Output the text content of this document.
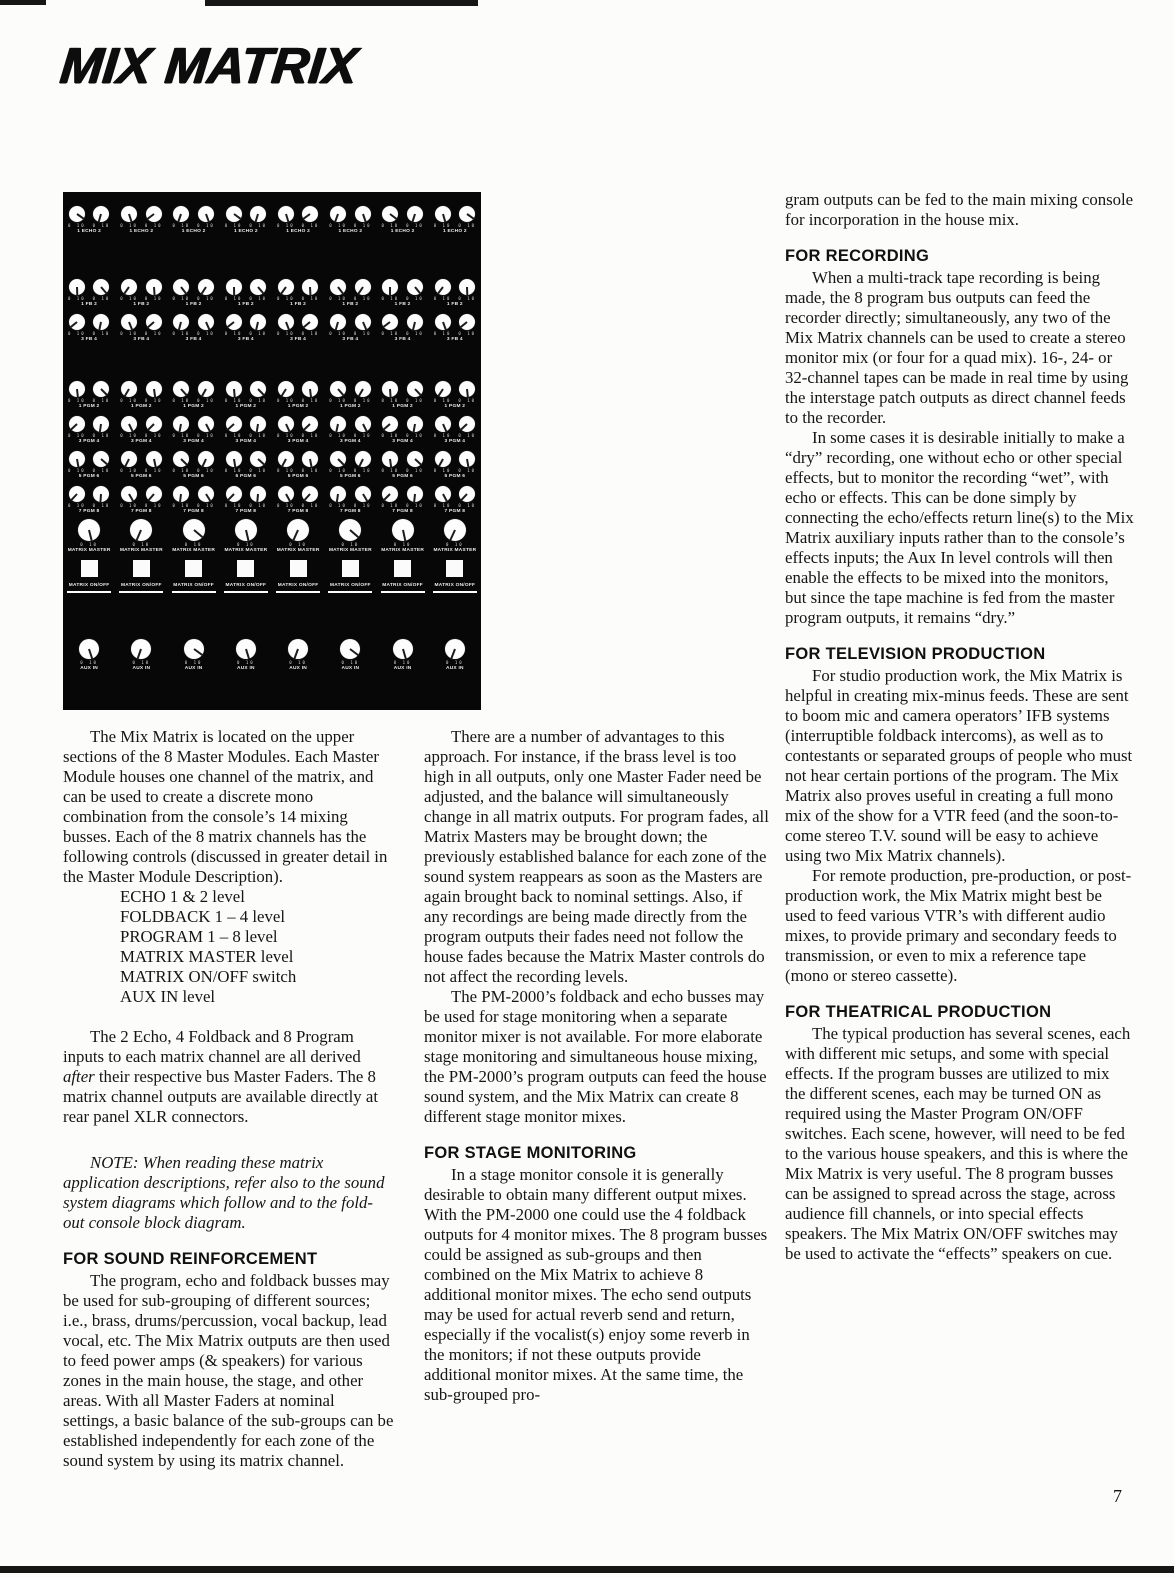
MIX MATRIX
0 10 0 10
1 ECHO 2
0 10 0 10
1 FB 2
0 10 0 10
3 FB 4
0 10 0 10
1 PGM 2
0 10 0 10
3 PGM 4
0 10 0 10
5 PGM 6
0 10 0 10
7 PGM 8
0 10
MATRIX MASTER
MATRIX ON/OFF
0 10
AUX IN
0 10 0 10
1 ECHO 2
0 10 0 10
1 FB 2
0 10 0 10
3 FB 4
0 10 0 10
1 PGM 2
0 10 0 10
3 PGM 4
0 10 0 10
5 PGM 6
0 10 0 10
7 PGM 8
0 10
MATRIX MASTER
MATRIX ON/OFF
0 10
AUX IN
0 10 0 10
1 ECHO 2
0 10 0 10
1 FB 2
0 10 0 10
3 FB 4
0 10 0 10
1 PGM 2
0 10 0 10
3 PGM 4
0 10 0 10
5 PGM 6
0 10 0 10
7 PGM 8
0 10
MATRIX MASTER
MATRIX ON/OFF
0 10
AUX IN
0 10 0 10
1 ECHO 2
0 10 0 10
1 FB 2
0 10 0 10
3 FB 4
0 10 0 10
1 PGM 2
0 10 0 10
3 PGM 4
0 10 0 10
5 PGM 6
0 10 0 10
7 PGM 8
0 10
MATRIX MASTER
MATRIX ON/OFF
0 10
AUX IN
0 10 0 10
1 ECHO 2
0 10 0 10
1 FB 2
0 10 0 10
3 FB 4
0 10 0 10
1 PGM 2
0 10 0 10
3 PGM 4
0 10 0 10
5 PGM 6
0 10 0 10
7 PGM 8
0 10
MATRIX MASTER
MATRIX ON/OFF
0 10
AUX IN
0 10 0 10
1 ECHO 2
0 10 0 10
1 FB 2
0 10 0 10
3 FB 4
0 10 0 10
1 PGM 2
0 10 0 10
3 PGM 4
0 10 0 10
5 PGM 6
0 10 0 10
7 PGM 8
0 10
MATRIX MASTER
MATRIX ON/OFF
0 10
AUX IN
0 10 0 10
1 ECHO 2
0 10 0 10
1 FB 2
0 10 0 10
3 FB 4
0 10 0 10
1 PGM 2
0 10 0 10
3 PGM 4
0 10 0 10
5 PGM 6
0 10 0 10
7 PGM 8
0 10
MATRIX MASTER
MATRIX ON/OFF
0 10
AUX IN
0 10 0 10
1 ECHO 2
0 10 0 10
1 FB 2
0 10 0 10
3 FB 4
0 10 0 10
1 PGM 2
0 10 0 10
3 PGM 4
0 10 0 10
5 PGM 6
0 10 0 10
7 PGM 8
0 10
MATRIX MASTER
MATRIX ON/OFF
0 10
AUX IN

The Mix Matrix is located on the upper sections of the 8 Master Modules. Each Master Module houses one channel of the matrix, and can be used to create a discrete mono combination from the console’s 14 mixing busses. Each of the 8 matrix channels has the following controls (discussed in greater detail in the Master Module Description).

ECHO 1 & 2 level
FOLDBACK 1 – 4 level
PROGRAM 1 – 8 level
MATRIX MASTER level
MATRIX ON/OFF switch
AUX IN level

The 2 Echo, 4 Foldback and 8 Program inputs to each matrix channel are all derived after their respective bus Master Faders. The 8 matrix channel outputs are available directly at rear panel XLR connectors.

NOTE: When reading these matrix application descriptions, refer also to the sound system diagrams which follow and to the fold-out console block diagram.

FOR SOUND REINFORCEMENT

The program, echo and foldback busses may be used for sub-grouping of different sources; i.e., brass, drums/percussion, vocal backup, lead vocal, etc. The Mix Matrix outputs are then used to feed power amps (& speakers) for various zones in the main house, the stage, and other areas. With all Master Faders at nominal settings, a basic balance of the sub-groups can be established independently for each zone of the sound system by using its matrix channel.

There are a number of advantages to this approach. For instance, if the brass level is too high in all outputs, only one Master Fader need be adjusted, and the balance will simultaneously change in all matrix outputs. For program fades, all Matrix Masters may be brought down; the previously established balance for each zone of the sound system reappears as soon as the Masters are again brought back to nominal settings. Also, if any recordings are being made directly from the program outputs their fades need not follow the house fades because the Matrix Master controls do not affect the recording levels.

The PM-2000’s foldback and echo busses may be used for stage monitoring when a separate monitor mixer is not available. For more elaborate stage monitoring and simultaneous house mixing, the PM-2000’s program outputs can feed the house sound system, and the Mix Matrix can create 8 different stage monitor mixes.

FOR STAGE MONITORING

In a stage monitor console it is generally desirable to obtain many different output mixes. With the PM-2000 one could use the 4 foldback outputs for 4 monitor mixes. The 8 program busses could be assigned as sub-groups and then combined on the Mix Matrix to achieve 8 additional monitor mixes. The echo send outputs may be used for actual reverb send and return, especially if the vocalist(s) enjoy some reverb in the monitors; if not these outputs provide additional monitor mixes. At the same time, the sub-grouped pro-

gram outputs can be fed to the main mixing console for incorporation in the house mix.

FOR RECORDING

When a multi-track tape recording is being made, the 8 program bus outputs can feed the recorder directly; simultaneously, any two of the Mix Matrix channels can be used to create a stereo monitor mix (or four for a quad mix). 16-, 24- or 32-channel tapes can be made in real time by using the interstage patch outputs as direct channel feeds to the recorder.

In some cases it is desirable initially to make a “dry” recording, one without echo or other special effects, but to monitor the recording “wet”, with echo or effects. This can be done simply by connecting the echo/effects return line(s) to the Mix Matrix auxiliary inputs rather than to the console’s effects inputs; the Aux In level controls will then enable the effects to be mixed into the monitors, but since the tape machine is fed from the master program outputs, it remains “dry.”

FOR TELEVISION PRODUCTION

For studio production work, the Mix Matrix is helpful in creating mix-minus feeds. These are sent to boom mic and camera operators’ IFB systems (interruptible foldback intercoms), as well as to contestants or separated groups of people who must not hear certain portions of the program. The Mix Matrix also proves useful in creating a full mono mix of the show for a VTR feed (and the soon-to-come stereo T.V. sound will be easy to achieve using two Mix Matrix channels).

For remote production, pre-production, or post-production work, the Mix Matrix might best be used to feed various VTR’s with different audio mixes, to provide primary and secondary feeds to transmission, or even to mix a reference tape (mono or stereo cassette).

FOR THEATRICAL PRODUCTION

The typical production has several scenes, each with different mic setups, and some with special effects. If the program busses are utilized to mix the different scenes, each may be turned ON as required using the Master Program ON/OFF switches. Each scene, however, will need to be fed to the various house speakers, and this is where the Mix Matrix is very useful. The 8 program busses can be assigned to spread across the stage, across audience fill channels, or into special effects speakers. The Mix Matrix ON/OFF switches may be used to activate the “effects” speakers on cue.

7
